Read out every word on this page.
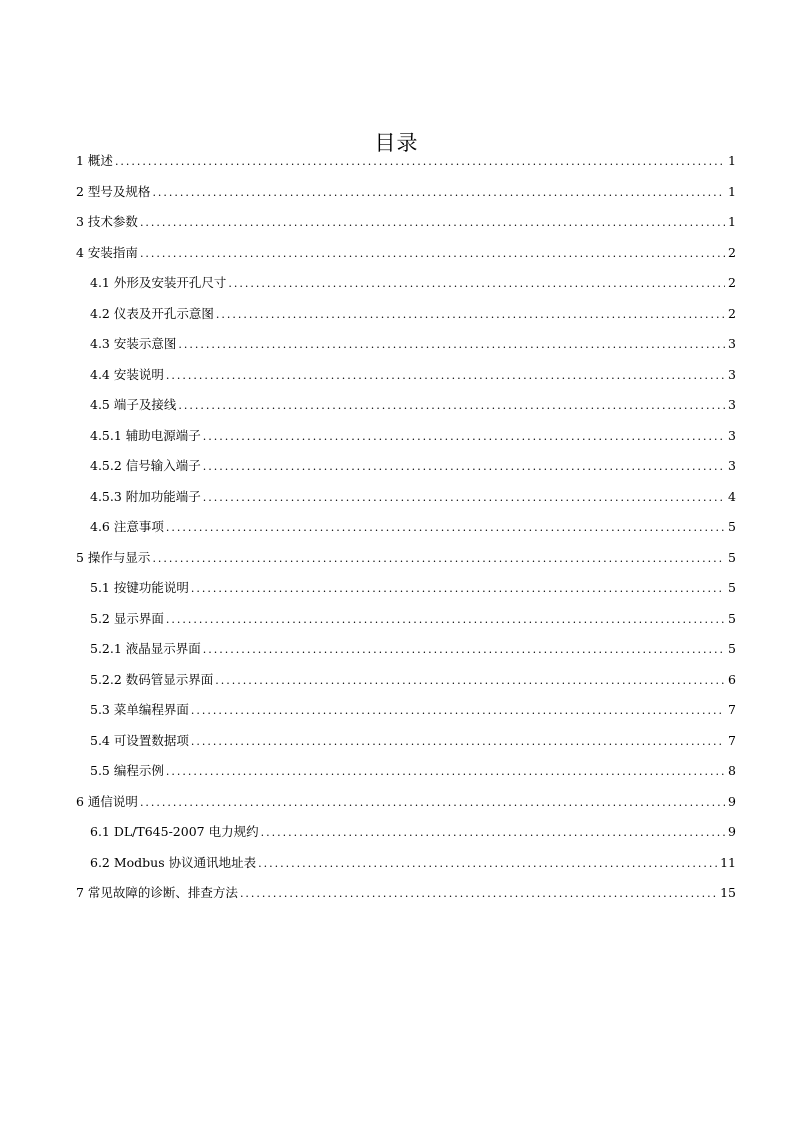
目录
1 概述 .....	1
2 型号及规格 .....	1
3 技术参数 .....	1
4 安装指南 .....	2
4.1 外形及安装开孔尺寸 .....	2
4.2 仪表及开孔示意图 .....	2
4.3 安装示意图 .....	3
4.4 安装说明 .....	3
4.5 端子及接线 .....	3
4.5.1 辅助电源端子 .....	3
4.5.2 信号输入端子 .....	3
4.5.3 附加功能端子 .....	4
4.6 注意事项 .....	5
5 操作与显示 .....	5
5.1 按键功能说明 .....	5
5.2 显示界面 .....	5
5.2.1 液晶显示界面 .....	5
5.2.2 数码管显示界面 .....	6
5.3 菜单编程界面 .....	7
5.4 可设置数据项 .....	7
5.5 编程示例 .....	8
6 通信说明 .....	9
6.1 DL/T645-2007 电力规约 .....	9
6.2 Modbus 协议通讯地址表 .....	11
7 常见故障的诊断、排查方法 .....	15
